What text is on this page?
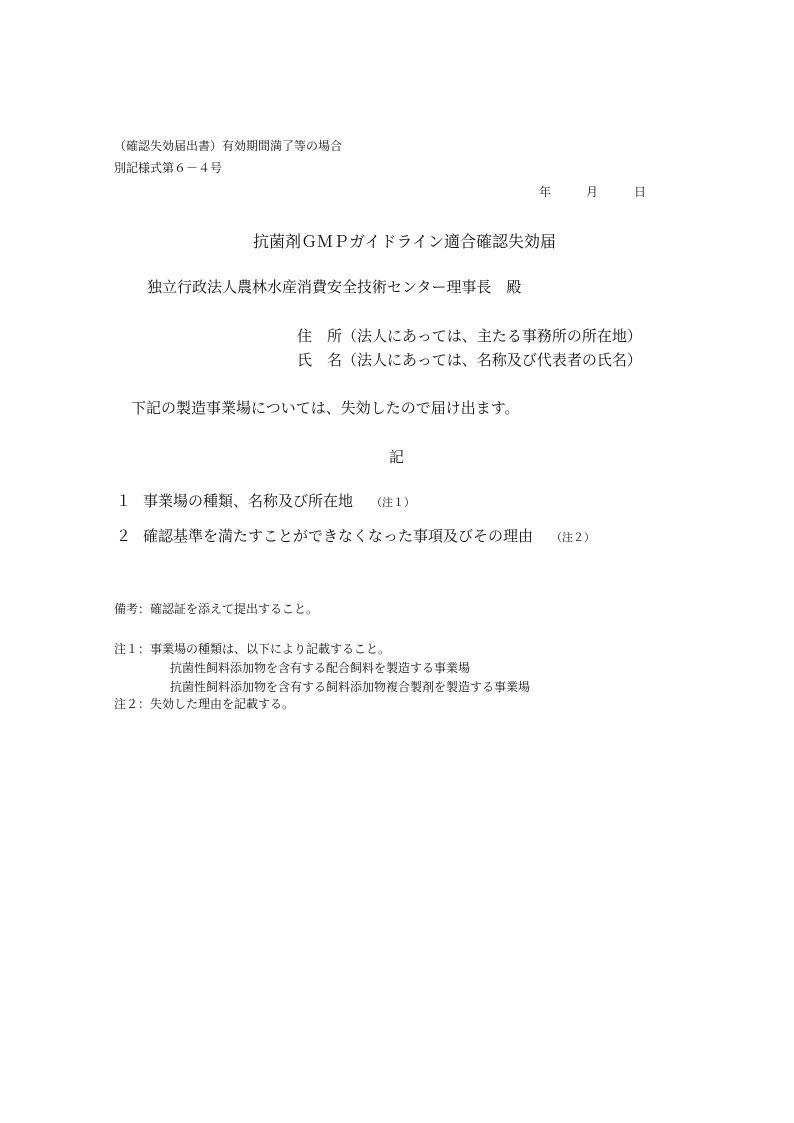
（確認失効届出書）有効期間満了等の場合
別記様式第６－４号
年	月	日
抗菌剤ＧＭＰガイドライン適合確認失効届
独立行政法人農林水産消費安全技術センター理事長　殿
住　所（法人にあっては、主たる事務所の所在地）
氏　名（法人にあっては、名称及び代表者の氏名）
下記の製造事業場については、失効したので届け出ます。
記
１ 事業場の種類、名称及び所在地 （注１）
２ 確認基準を満たすことができなくなった事項及びその理由 （注２）
備考：確認証を添えて提出すること。
注１：事業場の種類は、以下により記載すること。
抗菌性飼料添加物を含有する配合飼料を製造する事業場
抗菌性飼料添加物を含有する飼料添加物複合製剤を製造する事業場
注２：失効した理由を記載する。
